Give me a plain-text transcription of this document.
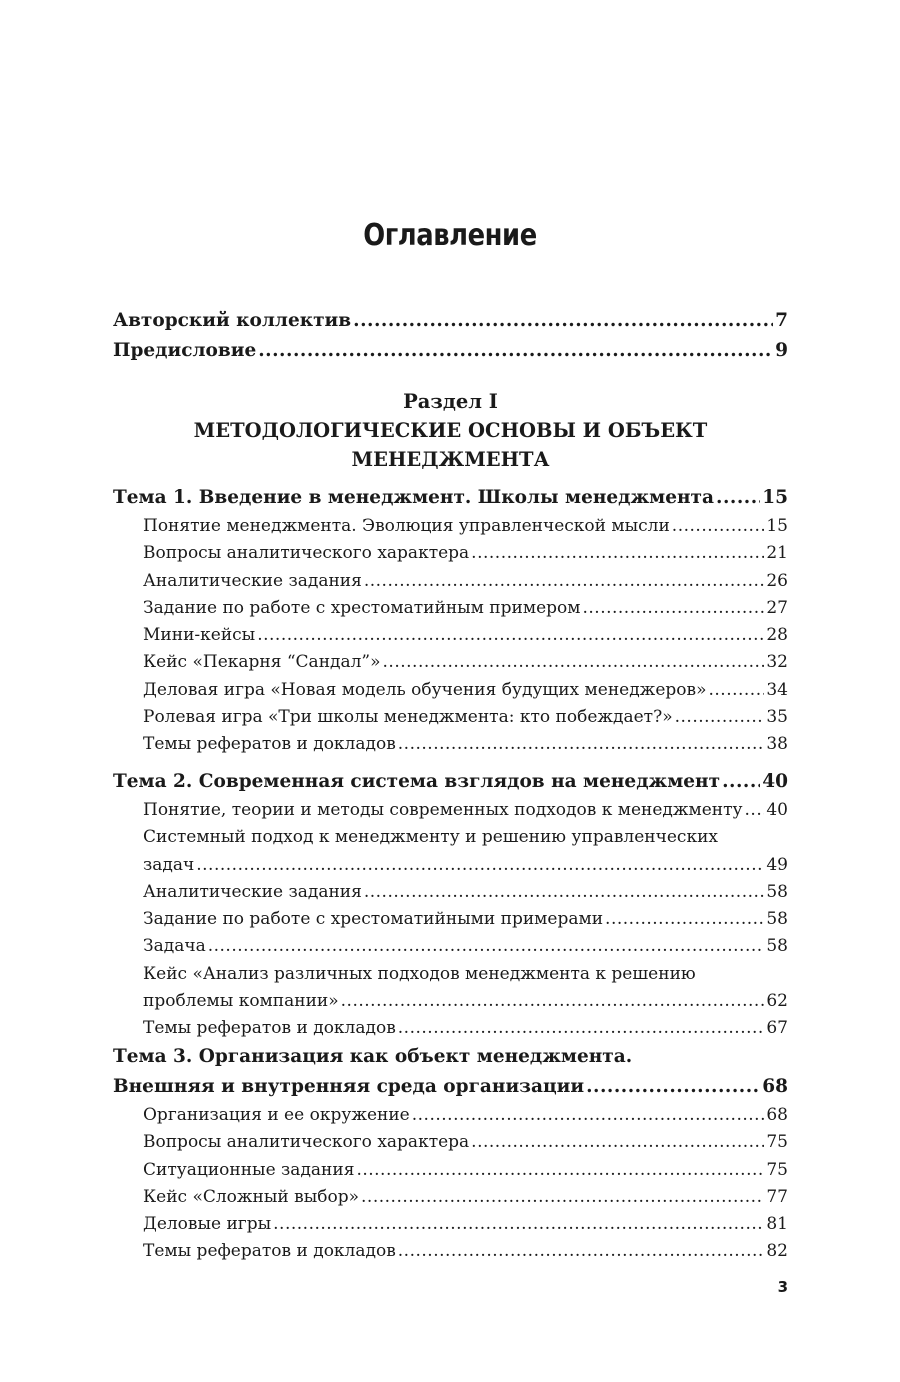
Оглавление
Авторский коллектив .....	7
Предисловие .....	9
Раздел I
МЕТОДОЛОГИЧЕСКИЕ ОСНОВЫ И ОБЪЕКТ
МЕНЕДЖМЕНТА
Тема 1. Введение в менеджмент. Школы менеджмента .....	15
Понятие менеджмента. Эволюция управленческой мысли .....	15
Вопросы аналитического характера .....	21
Аналитические задания .....	26
Задание по работе с хрестоматийным примером .....	27
Мини-кейсы .....	28
Кейс «Пекарня “Сандал”» .....	32
Деловая игра «Новая модель обучения будущих менеджеров» .....	34
Ролевая игра «Три школы менеджмента: кто побеждает?» .....	35
Темы рефератов и докладов .....	38
Тема 2. Современная система взглядов на менеджмент ..... 40
Понятие, теории и методы современных подходов к менеджменту ..... 40
Системный подход к менеджменту и решению управленческих
задач .....	49
Аналитические задания .....	58
Задание по работе с хрестоматийными примерами .....	58
Задача .....	58
Кейс «Анализ различных подходов менеджмента к решению
проблемы компании» .....	62
Темы рефератов и докладов .....	67
Тема 3. Организация как объект менеджмента.
Внешняя и внутренняя среда организации .....	68
Организация и ее окружение .....	68
Вопросы аналитического характера .....	75
Ситуационные задания .....	75
Кейс «Сложный выбор» .....	77
Деловые игры .....	81
Темы рефератов и докладов .....	82
3
